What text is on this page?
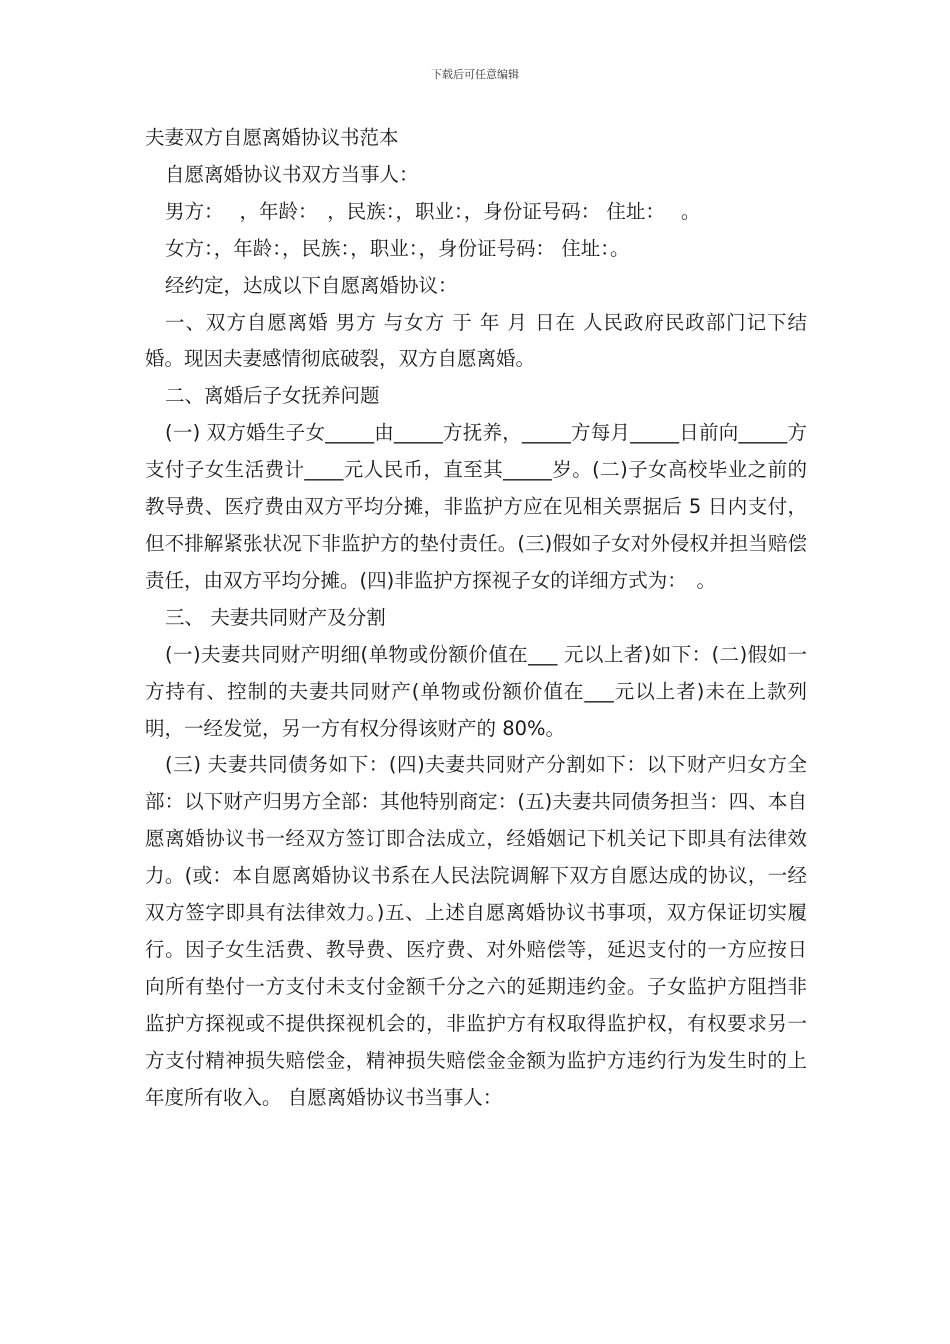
下载后可任意编辑

夫妻双方自愿离婚协议书范本

自愿离婚协议书双方当事人：

男方：　 ，年龄：　，民族：，职业：，身份证号码： 住址：　 。

女方：，年龄：，民族：，职业：，身份证号码： 住址：。

经约定，达成以下自愿离婚协议：

一、双方自愿离婚 男方 与女方 于 年 月 日在 人民政府民政部门记下结婚。现因夫妻感情彻底破裂，双方自愿离婚。

二、离婚后子女抚养问题

(一) 双方婚生子女_____由_____方抚养，_____方每月_____日前向_____方支付子女生活费计____元人民币，直至其_____岁。(二)子女高校毕业之前的教导费、医疗费由双方平均分摊，非监护方应在见相关票据后 5 日内支付，但不排解紧张状况下非监护方的垫付责任。(三)假如子女对外侵权并担当赔偿责任，由双方平均分摊。(四)非监护方探视子女的详细方式为：　。

三、 夫妻共同财产及分割

(一)夫妻共同财产明细(单物或份额价值在___ 元以上者)如下：(二)假如一方持有、控制的夫妻共同财产(单物或份额价值在___元以上者)未在上款列明，一经发觉，另一方有权分得该财产的 80%。

(三) 夫妻共同债务如下：(四)夫妻共同财产分割如下：以下财产归女方全部：以下财产归男方全部：其他特别商定：(五)夫妻共同债务担当：四、本自愿离婚协议书一经双方签订即合法成立，经婚姻记下机关记下即具有法律效力。(或：本自愿离婚协议书系在人民法院调解下双方自愿达成的协议，一经双方签字即具有法律效力。)五、上述自愿离婚协议书事项，双方保证切实履行。因子女生活费、教导费、医疗费、对外赔偿等，延迟支付的一方应按日向所有垫付一方支付未支付金额千分之六的延期违约金。子女监护方阻挡非监护方探视或不提供探视机会的，非监护方有权取得监护权，有权要求另一方支付精神损失赔偿金，精神损失赔偿金金额为监护方违约行为发生时的上年度所有收入。 自愿离婚协议书当事人：
